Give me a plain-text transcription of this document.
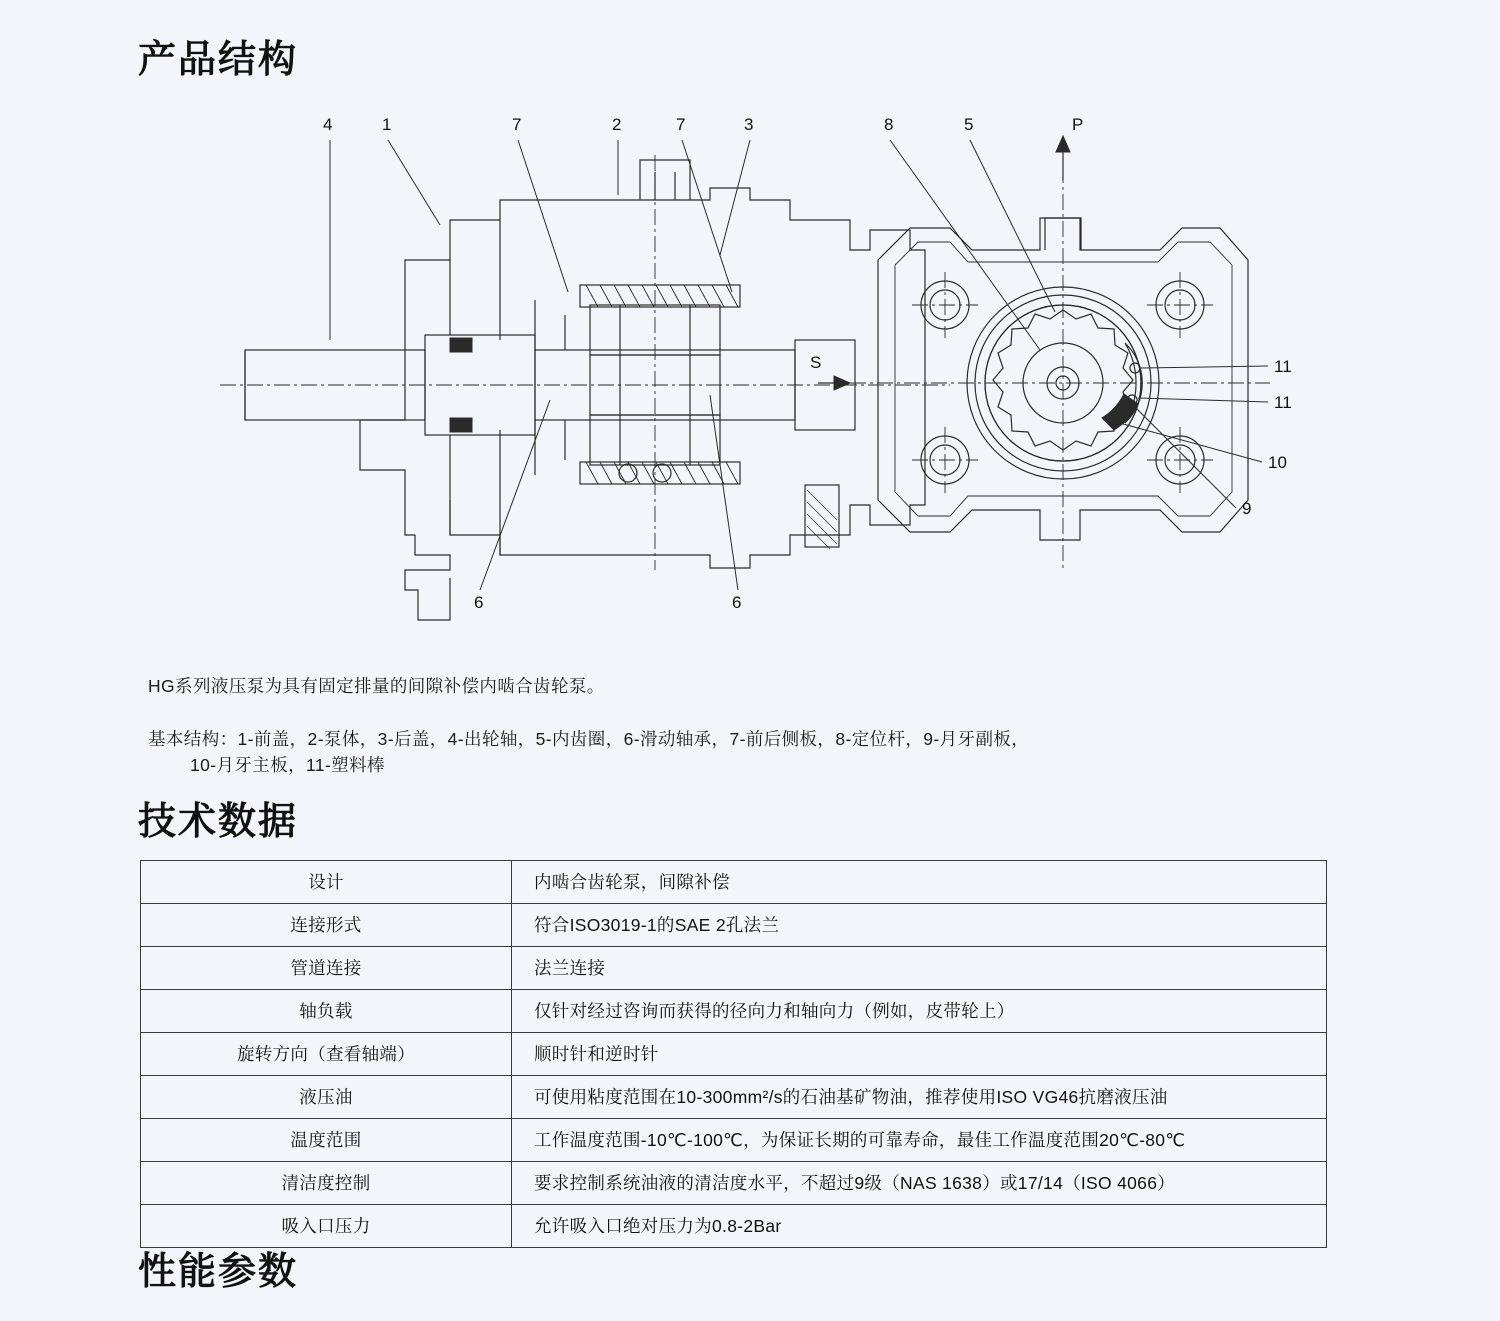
产品结构
4	1	7	2	7	3
6	6
P
S
8	5
11
11
10
9

HG系列液压泵为具有固定排量的间隙补偿内啮合齿轮泵。

基本结构：1-前盖，2-泵体，3-后盖，4-出轮轴，5-内齿圈，6-滑动轴承，7-前后侧板，8-定位杆，9-月牙副板，
10-月牙主板，11-塑料棒

技术数据
设计	内啮合齿轮泵，间隙补偿
连接形式	符合ISO3019-1的SAE 2孔法兰
管道连接	法兰连接
轴负载	仅针对经过咨询而获得的径向力和轴向力（例如，皮带轮上）
旋转方向（查看轴端）	顺时针和逆时针
液压油	可使用粘度范围在10-300mm²/s的石油基矿物油，推荐使用ISO VG46抗磨液压油
温度范围	工作温度范围-10℃-100℃，为保证长期的可靠寿命，最佳工作温度范围20℃-80℃
清洁度控制	要求控制系统油液的清洁度水平，不超过9级（NAS 1638）或17/14（ISO 4066）
吸入口压力	允许吸入口绝对压力为0.8-2Bar
性能参数
